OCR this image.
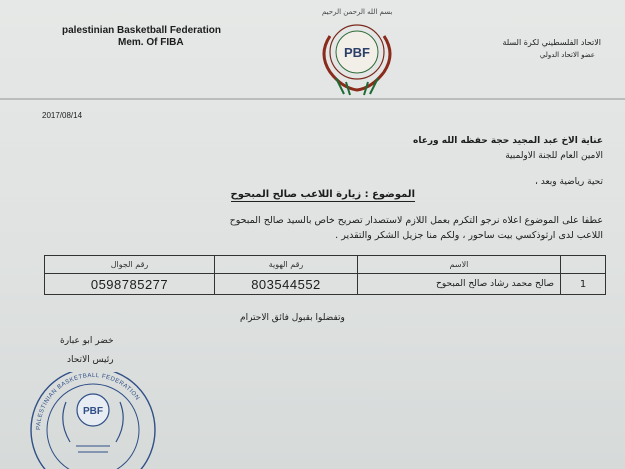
palestinian Basketball Federation
Mem. Of FIBA
بسم الله الرحمن الرحيم
الاتحاد الفلسطيني لكرة السلة
عضو الاتحاد الدولي
PBF
2017/08/14
عناية الاخ عبد المجيد حجة حفظه الله ورعاه
الامين العام للجنة الاولمبية
تحية رياضية وبعد ،
الموضوع : زيارة اللاعب صالح المبحوح
عطفا على الموضوع اعلاه نرجو التكرم بعمل اللازم لاستصدار تصريح خاص بالسيد صالح المبحوح
اللاعب لدى ارثوذكسي بيت ساحور ، ولكم منا جزيل الشكر والتقدير .
	الاسم	رقم الهوية	رقم الجوال
1	صالح محمد رشاد صالح المبحوح	803544552	0598785277
وتفضلوا بقبول فائق الاحترام
خضر ابو عبارة
رئيس الاتحاد
PALESTINIAN BASKETBALL FEDERATION
PBF
